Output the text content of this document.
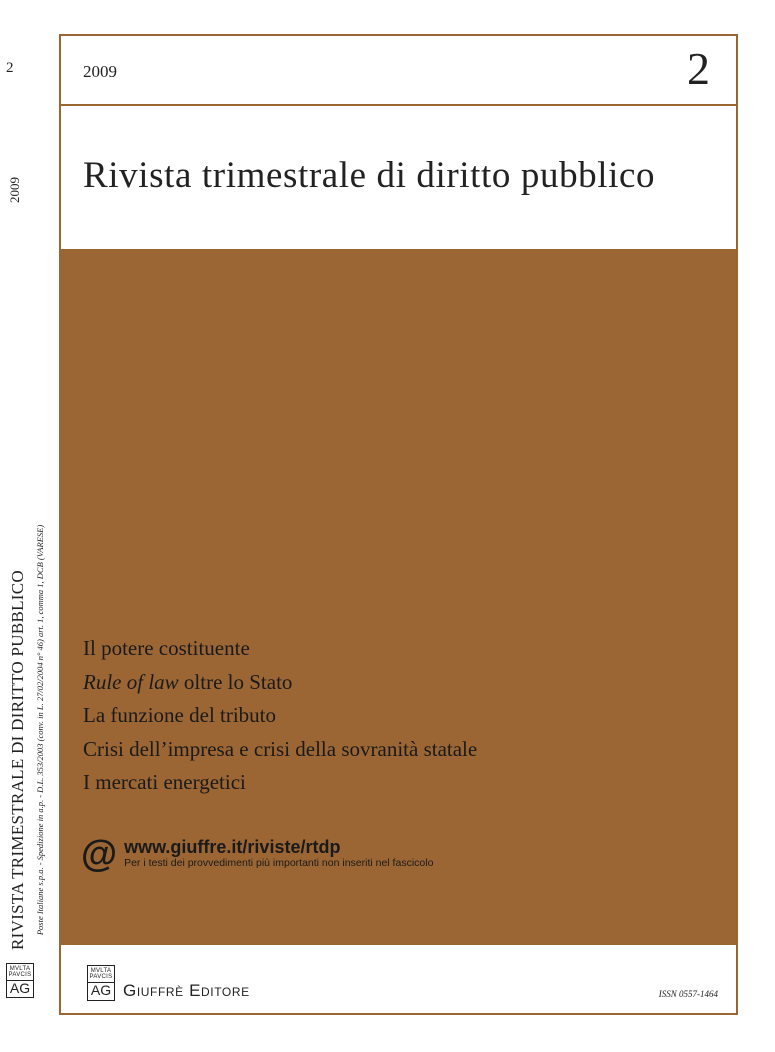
2
2009
RIVISTA TRIMESTRALE DI DIRITTO PUBBLICO Poste Italiane s.p.a. - Spedizione in a.p. - D.L. 353/2003 (conv. in L. 27/02/2004 n° 46) art. 1, comma 1, DCB (VARESE)
MVLTA
PAVCIS
AG
2009	2
Rivista trimestrale di diritto pubblico
Il potere costituente
Rule of law oltre lo Stato
La funzione del tributo
Crisi dell’impresa e crisi della sovranità statale
I mercati energetici
@ www.giuffre.it/riviste/rtdp
Per i testi dei provvedimenti più importanti non inseriti nel fascicolo
MVLTA
PAVCIS
AG Giuffrè Editore	ISSN 0557-1464
